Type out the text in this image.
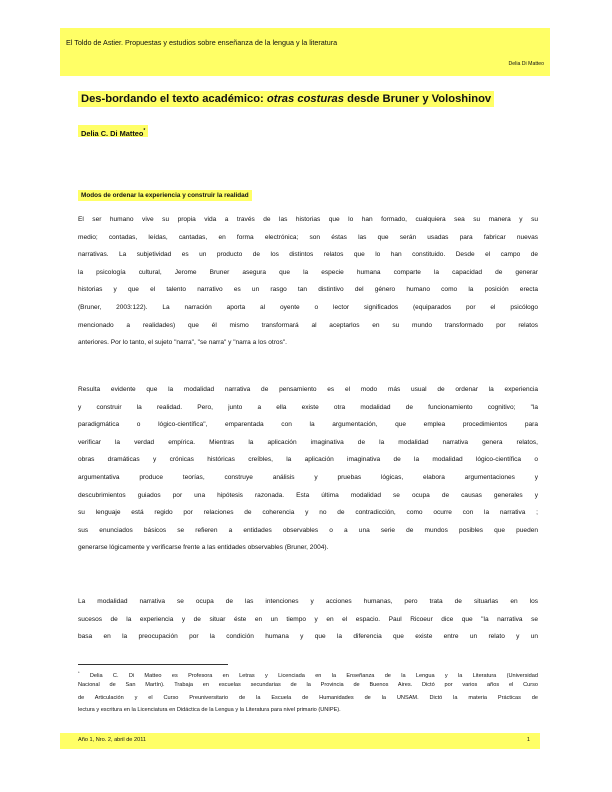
El Toldo de Astier. Propuestas y estudios sobre enseñanza de la lengua y la literatura
Delia Di Matteo
Des-bordando el texto académico: otras costuras desde Bruner y Voloshinov
Delia C. Di Matteo*
Modos de ordenar la experiencia y construir la realidad
El ser humano vive su propia vida a través de las historias que lo han formado, cualquiera sea su manera y su
medio; contadas, leídas, cantadas, en forma electrónica; son éstas las que serán usadas para fabricar nuevas
narrativas. La subjetividad es un producto de los distintos relatos que lo han constituido. Desde el campo de
la psicología cultural, Jerome Bruner asegura que la especie humana comparte la capacidad de generar
historias y que el talento narrativo es un rasgo tan distintivo del género humano como la posición erecta
(Bruner, 2003:122). La narración aporta al oyente o lector significados (equiparados por el psicólogo
mencionado a realidades) que él mismo transformará al aceptarlos en su mundo transformado por relatos
anteriores. Por lo tanto, el sujeto "narra", "se narra" y "narra a los otros".
Resulta evidente que la modalidad narrativa de pensamiento es el modo más usual de ordenar la experiencia
y construir la realidad. Pero, junto a ella existe otra modalidad de funcionamiento cognitivo; "la
paradigmática o lógico-científica", emparentada con la argumentación, que emplea procedimientos para
verificar la verdad empírica. Mientras la aplicación imaginativa de la modalidad narrativa genera relatos,
obras dramáticas y crónicas históricas creíbles, la aplicación imaginativa de la modalidad lógico-científica o
argumentativa produce teorías, construye análisis y pruebas lógicas, elabora argumentaciones y
descubrimientos guiados por una hipótesis razonada. Esta última modalidad se ocupa de causas generales y
su lenguaje está regido por relaciones de coherencia y no de contradicción, como ocurre con la narrativa ;
sus enunciados básicos se refieren a entidades observables o a una serie de mundos posibles que pueden
generarse lógicamente y verificarse frente a las entidades observables (Bruner, 2004).
La modalidad narrativa se ocupa de las intenciones y acciones humanas, pero trata de situarlas en los
sucesos de la experiencia y de situar éste en un tiempo y en el espacio. Paul Ricoeur dice que "la narrativa se
basa en la preocupación por la condición humana y que la diferencia que existe entre un relato y un
* Delia C. Di Matteo es Profesora en Letras y Licenciada en la Enseñanza de la Lengua y la Literatura (Universidad
Nacional de San Martín). Trabaja en escuelas secundarias de la Provincia de Buenos Aires. Dictó por varios años el Curso
de Articulación y el Curso Preuniversitario de la Escuela de Humanidades de la UNSAM. Dictó la materia Prácticas de
lectura y escritura en la Licenciatura en Didáctica de la Lengua y la Literatura para nivel primario (UNIPE).
Año 1, Nro. 2, abril de 2011	1
